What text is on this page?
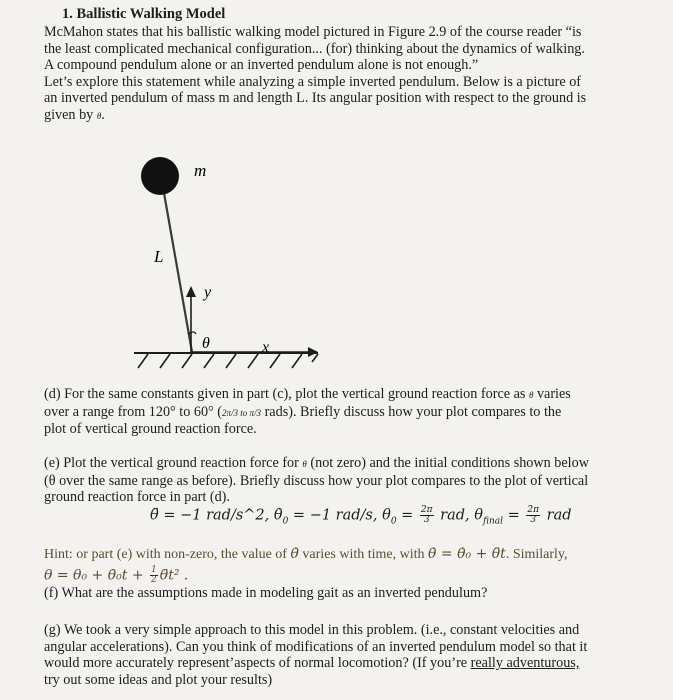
1. Ballistic Walking Model
McMahon states that his ballistic walking model pictured in Figure 2.9 of the course reader “is
the least complicated mechanical configuration... (for) thinking about the dynamics of walking.
A compound pendulum alone or an inverted pendulum alone is not enough.”
Let’s explore this statement while analyzing a simple inverted pendulum. Below is a picture of
an inverted pendulum of mass m and length L. Its angular position with respect to the ground is
given by θ.
m
L
y
θ	x
(d) For the same constants given in part (c), plot the vertical ground reaction force as θ varies
over a range from 120° to 60° (2π/3 to π/3 rads). Briefly discuss how your plot compares to the
plot of vertical ground reaction force.
(e) Plot the vertical ground reaction force for θ (not zero) and the initial conditions shown below
(θ over the same range as before). Briefly discuss how your plot compares to the plot of vertical
ground reaction force in part (d).
θ̈ = −1 rad/s^2, $\thetȧ_0 = -1$ rad/s, $\theta_0 = \frac{2\pi}{3}$ rad, $\theta_{final} = \frac{2\pi}{3}$ rad
Hint: or part (e) with non-zero, the value of θ̇ varies with time, with θ̇ = θ̇₀ + θ̈t. Similarly,
θ = θ₀ + θ̇₀t + $\frac{1}{2}$ θ̈t² .
(f) What are the assumptions made in modeling gait as an inverted pendulum?
(g) We took a very simple approach to this model in this problem. (i.e., constant velocities and
angular accelerations). Can you think of modifications of an inverted pendulum model so that it
would more accurately represent’aspects of normal locomotion? (If you’re really adventurous,
try out some ideas and plot your results)
